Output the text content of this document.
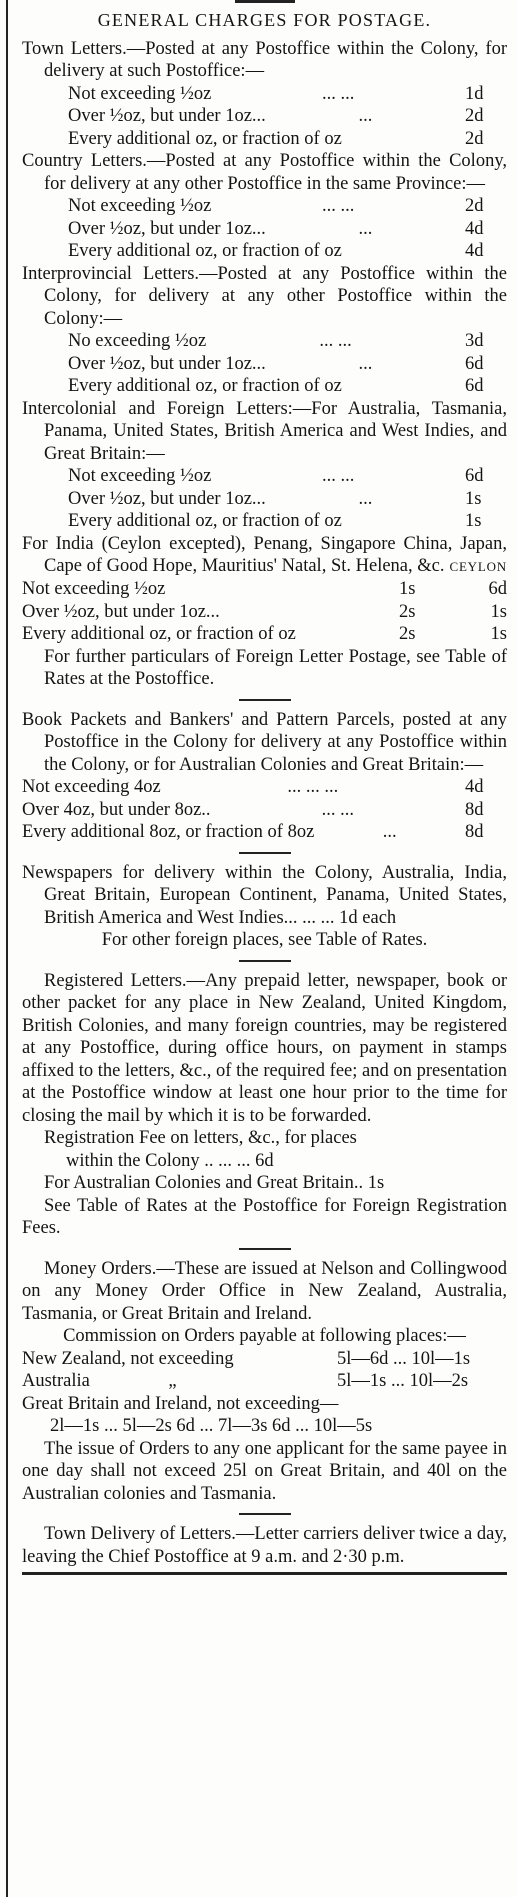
GENERAL CHARGES FOR POSTAGE.

Town Letters.—Posted at any Postoffice within the Colony, for delivery at such Postoffice:—

Not exceeding ½oz	... ...	1d
Over ½oz, but under 1oz...	...	2d
Every additional oz, or fraction of oz	2d

Country Letters.—Posted at any Postoffice within the Colony, for delivery at any other Postoffice in the same Province:—

Not exceeding ½oz	... ...	2d
Over ½oz, but under 1oz...	...	4d
Every additional oz, or fraction of oz	4d

Interprovincial Letters.—Posted at any Postoffice within the Colony, for delivery at any other Postoffice within the Colony:—

No exceeding ½oz	... ...	3d
Over ½oz, but under 1oz...	...	6d
Every additional oz, or fraction of oz	6d

Intercolonial and Foreign Letters:—For Australia, Tasmania, Panama, United States, British America and West Indies, and Great Britain:—

Not exceeding ½oz	... ...	6d
Over ½oz, but under 1oz...	...	1s
Every additional oz, or fraction of oz	1s

For India (Ceylon excepted), Penang, Singapore China, Japan, Cape of Good Hope, Mauritius' Natal, St. Helena, &c. CEYLON
Not exceeding ½oz	1s	6d
Over ½oz, but under 1oz...	2s	1s
Every additional oz, or fraction of oz	2s	1s

For further particulars of Foreign Letter Postage, see Table of Rates at the Postoffice.

Book Packets and Bankers' and Pattern Parcels, posted at any Postoffice in the Colony for delivery at any Postoffice within the Colony, or for Australian Colonies and Great Britain:—

Not exceeding 4oz	... ... ...	4d
Over 4oz, but under 8oz..	... ...	8d
Every additional 8oz, or fraction of 8oz	...	8d

Newspapers for delivery within the Colony, Australia, India, Great Britain, European Continent, Panama, United States, British America and West Indies... ... ... 1d each

For other foreign places, see Table of Rates.

Registered Letters.—Any prepaid letter, newspaper, book or other packet for any place in New Zealand, United Kingdom, British Colonies, and many foreign countries, may be registered at any Postoffice, during office hours, on payment in stamps affixed to the letters, &c., of the required fee; and on presentation at the Postoffice window at least one hour prior to the time for closing the mail by which it is to be forwarded.

Registration Fee on letters, &c., for places

within the Colony .. ... ... 6d

For Australian Colonies and Great Britain.. 1s

See Table of Rates at the Postoffice for Foreign Registration Fees.

Money Orders.—These are issued at Nelson and Collingwood on any Money Order Office in New Zealand, Australia, Tasmania, or Great Britain and Ireland.

Commission on Orders payable at following places:—

New Zealand, not exceeding	5l—6d ... 10l—1s
Australia                 „	5l—1s ... 10l—2s

Great Britain and Ireland, not exceeding—

2l—1s ... 5l—2s 6d ... 7l—3s 6d ... 10l—5s

The issue of Orders to any one applicant for the same payee in one day shall not exceed 25l on Great Britain, and 40l on the Australian colonies and Tasmania.

Town Delivery of Letters.—Letter carriers deliver twice a day, leaving the Chief Postoffice at 9 a.m. and 2·30 p.m.
